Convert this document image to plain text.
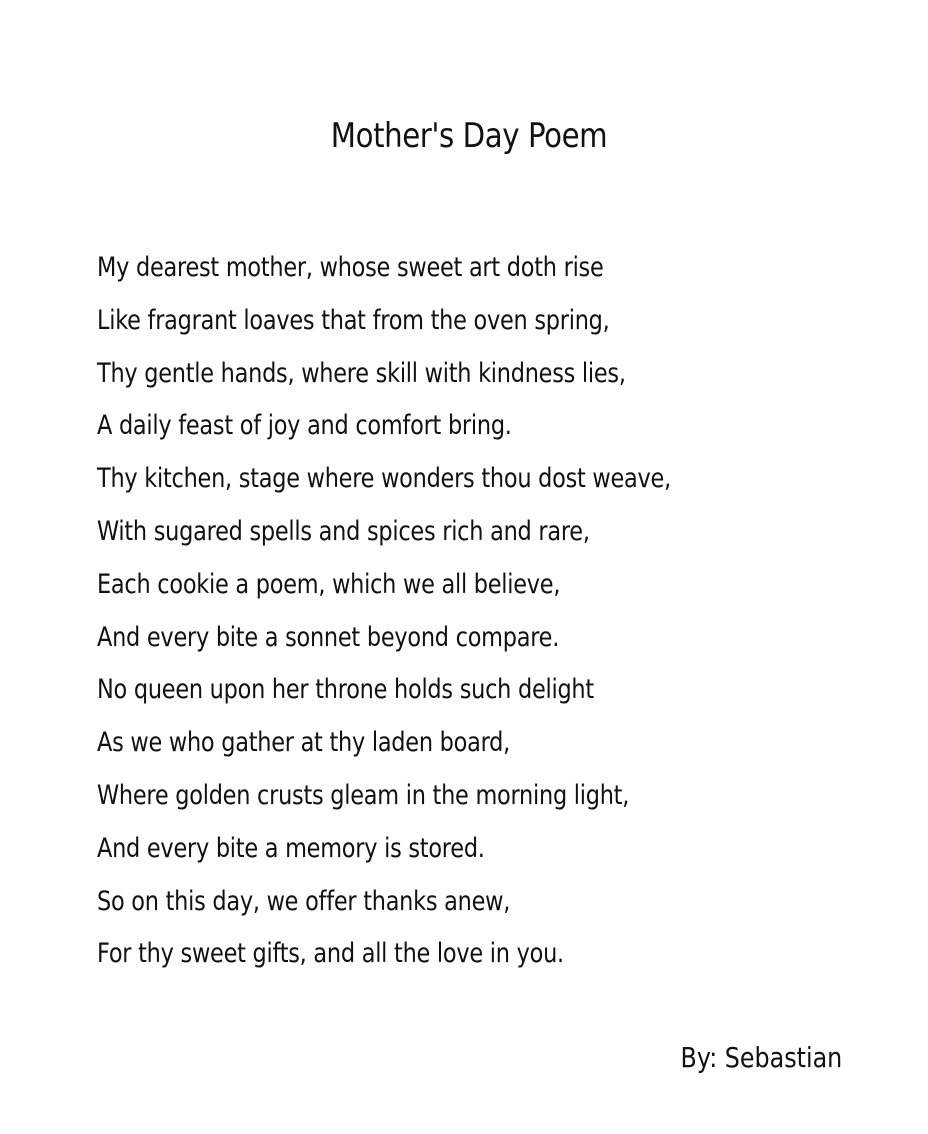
Mother's Day Poem
My dearest mother, whose sweet art doth rise
Like fragrant loaves that from the oven spring,
Thy gentle hands, where skill with kindness lies,
A daily feast of joy and comfort bring.
Thy kitchen, stage where wonders thou dost weave,
With sugared spells and spices rich and rare,
Each cookie a poem, which we all believe,
And every bite a sonnet beyond compare.
No queen upon her throne holds such delight
As we who gather at thy laden board,
Where golden crusts gleam in the morning light,
And every bite a memory is stored.
So on this day, we offer thanks anew,
For thy sweet gifts, and all the love in you.
By: Sebastian
